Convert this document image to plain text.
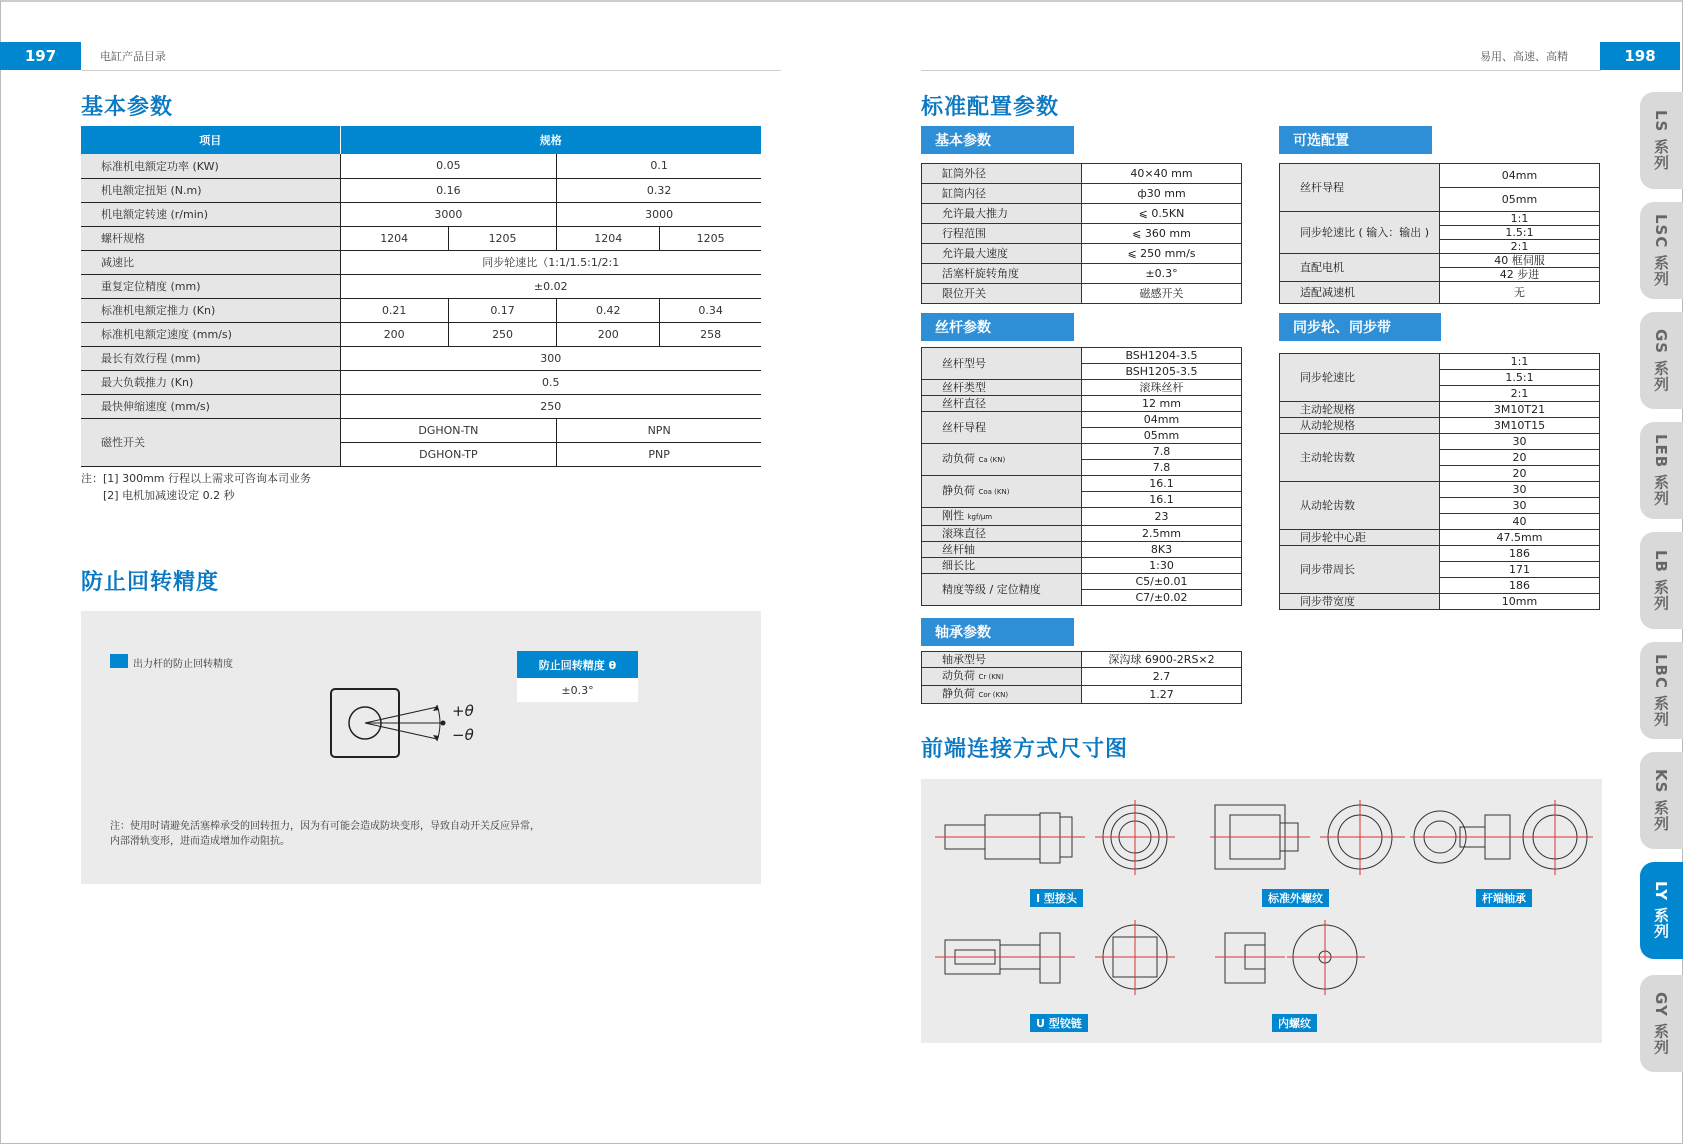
197	电缸产品目录	易用、高速、高精	198
基本参数
项目	规格			
标准机电额定功率 (KW)	0.05		0.1	
机电额定扭矩 (N.m)	0.16		0.32	
机电额定转速 (r/min)	3000		3000	
螺杆规格	1204	1205	1204	1205
减速比	同步轮速比（1:1/1.5:1/2:1			
重复定位精度 (mm)	±0.02			
标准机电额定推力 (Kn)	0.21	0.17	0.42	0.34
标准机电额定速度 (mm/s)	200	250	200	258
最长有效行程 (mm)	300			
最大负载推力 (Kn)	0.5			
最快伸缩速度 (mm/s)	250			
磁性开关	DGHON-TN		NPN	
	DGHON-TP		PNP	
注：[1] 300mm 行程以上需求可咨询本司业务
[2] 电机加减速设定 0.2 秒
防止回转精度
出力杆的防止回转精度	防止回转精度 θ
±0.3°
+θ
−θ
注：使用时请避免活塞棒承受的回转扭力，因为有可能会造成防块变形，导致自动开关反应异常，
内部滑轨变形，进而造成增加作动阻抗。
标准配置参数
基本参数
缸筒外径	40×40 mm
缸筒内径	ф30 mm
允许最大推力	⩽ 0.5KN
行程范围	⩽ 360 mm
允许最大速度	⩽ 250 mm/s
活塞杆旋转角度	±0.3°
限位开关	磁感开关
丝杆参数
丝杆型号	BSH1204-3.5
	BSH1205-3.5
丝杆类型	滚珠丝杆
丝杆直径	12 mm
丝杆导程	04mm
	05mm
动负荷 Ca (KN)	7.8
	7.8
静负荷 Coa (KN)	16.1
	16.1
刚性 kgf/μm	23
滚珠直径	2.5mm
丝杆轴	8K3
细长比	1:30
精度等级 / 定位精度	C5/±0.01
	C7/±0.02
轴承参数
轴承型号	深沟球 6900-2RS×2
动负荷 Cr (KN)	2.7
静负荷 Cor (KN)	1.27
可选配置
丝杆导程	04mm
	05mm
同步轮速比 ( 输入：输出 )	1:1
	1.5:1
	2:1
直配电机	40 框伺服
	42 步进
适配减速机	无
同步轮、同步带
同步轮速比	1:1
	1.5:1
	2:1
主动轮规格	3M10T21
从动轮规格	3M10T15
主动轮齿数	30
	20
	20
从动轮齿数	30
	30
	40
同步轮中心距	47.5mm
同步带周长	186
	171
	186
同步带宽度	10mm
前端连接方式尺寸图
I 型接头	标准外螺纹	杆端轴承
U 型铰链	内螺纹
LS 系列
LSC 系列
GS 系列
LEB 系列
LB 系列
LBC 系列
KS 系列
LY 系列
GY 系列
